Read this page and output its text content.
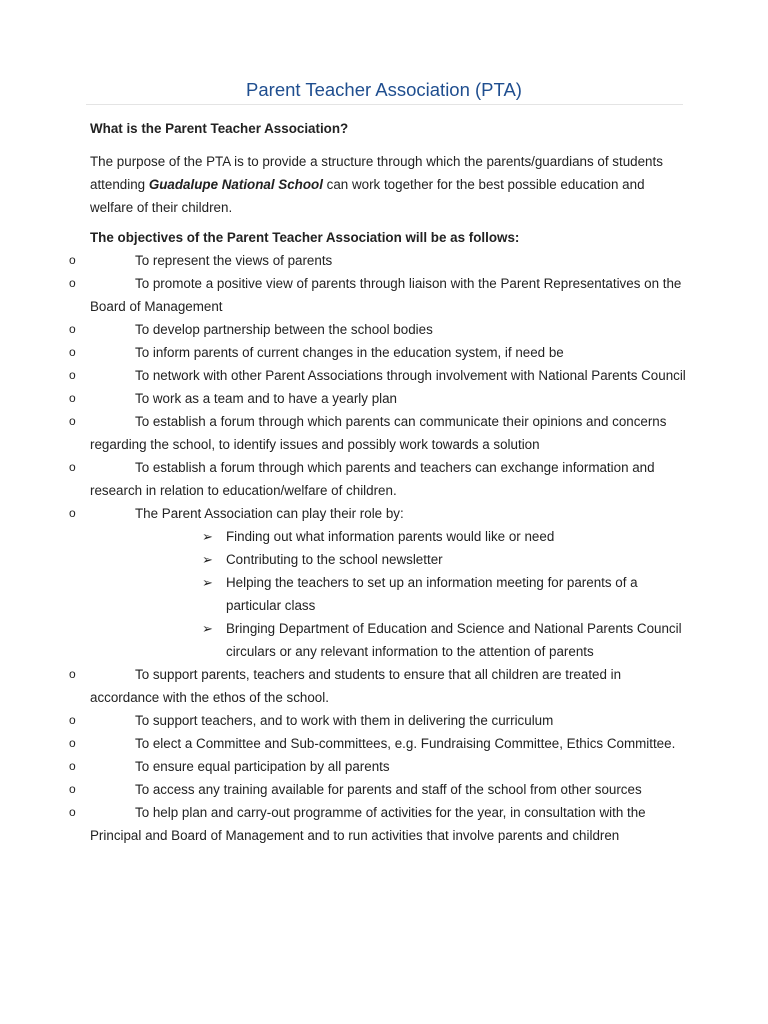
Parent Teacher Association (PTA)
What is the Parent Teacher Association?
The purpose of the PTA is to provide a structure through which the parents/guardians of students attending Guadalupe National School can work together for the best possible education and welfare of their children.
The objectives of the Parent Teacher Association will be as follows:
o	To represent the views of parents
o	To promote a positive view of parents through liaison with the Parent Representatives on the Board of Management
o	To develop partnership between the school bodies
o	To inform parents of current changes in the education system, if need be
o	To network with other Parent Associations through involvement with National Parents Council
o	To work as a team and to have a yearly plan
o	To establish a forum through which parents can communicate their opinions and concerns regarding the school, to identify issues and possibly work towards a solution
o	To establish a forum through which parents and teachers can exchange information and research in relation to education/welfare of children.
o	The Parent Association can play their role by:
➢ Finding out what information parents would like or need
➢ Contributing to the school newsletter
➢ Helping the teachers to set up an information meeting for parents of a particular class
➢ Bringing Department of Education and Science and National Parents Council circulars or any relevant information to the attention of parents
o	To support parents, teachers and students to ensure that all children are treated in accordance with the ethos of the school.
o	To support teachers, and to work with them in delivering the curriculum
o	To elect a Committee and Sub-committees, e.g. Fundraising Committee, Ethics Committee.
o	To ensure equal participation by all parents
o	To access any training available for parents and staff of the school from other sources
o	To help plan and carry-out programme of activities for the year, in consultation with the Principal and Board of Management and to run activities that involve parents and children
